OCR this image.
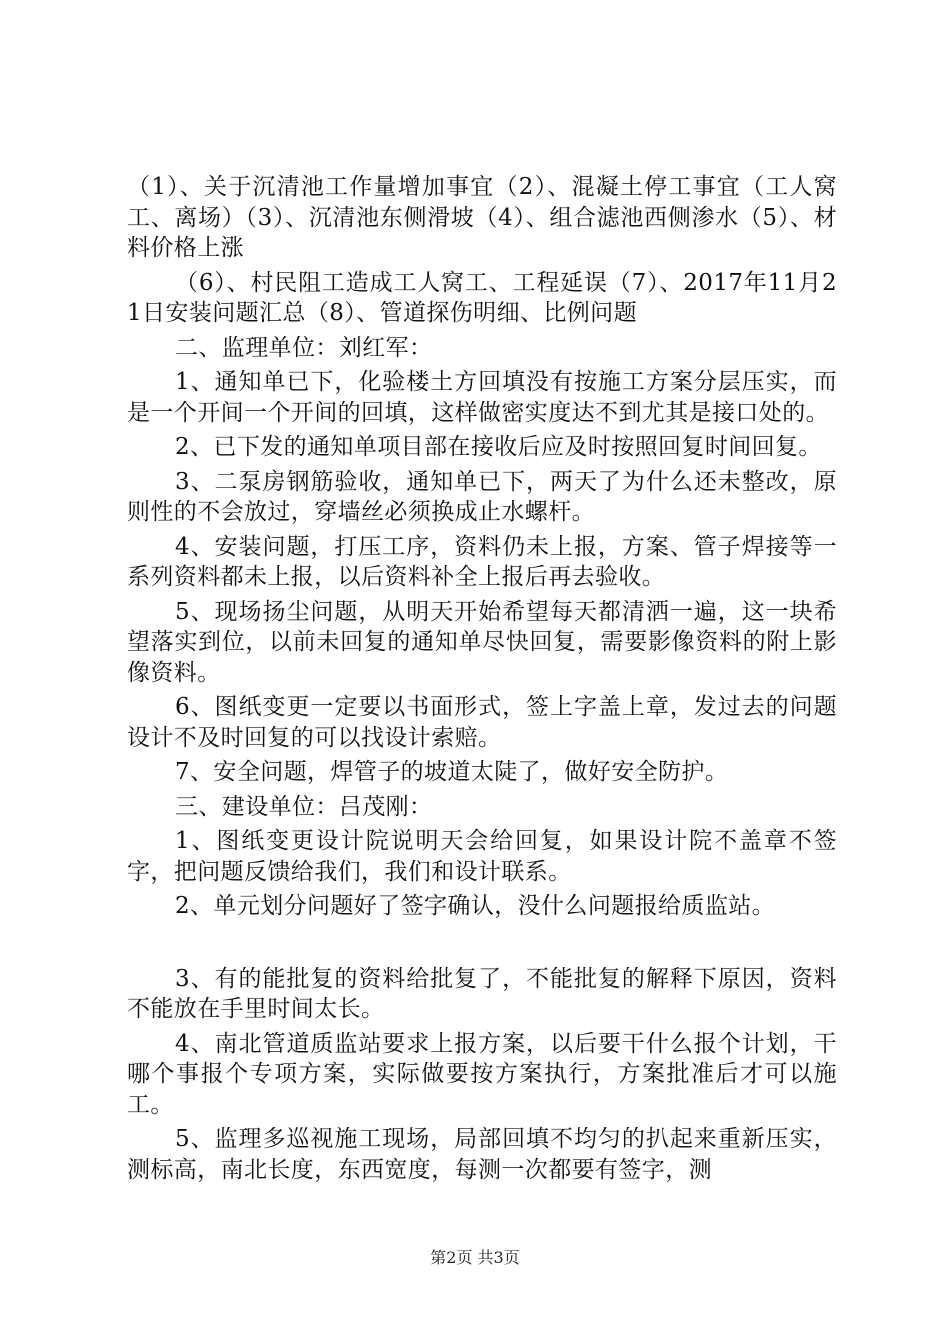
（1）、关于沉清池工作量增加事宜（2）、混凝土停工事宜（工人窝工、离场）（3）、沉清池东侧滑坡（4）、组合滤池西侧渗水（5）、材料价格上涨

（6）、村民阻工造成工人窝工、工程延误（7）、2017年11月21日安装问题汇总（8）、管道探伤明细、比例问题

二、监理单位：刘红军：

1、通知单已下，化验楼土方回填没有按施工方案分层压实，而是一个开间一个开间的回填，这样做密实度达不到尤其是接口处的。

2、已下发的通知单项目部在接收后应及时按照回复时间回复。

3、二泵房钢筋验收，通知单已下，两天了为什么还未整改，原则性的不会放过，穿墙丝必须换成止水螺杆。

4、安装问题，打压工序，资料仍未上报，方案、管子焊接等一系列资料都未上报，以后资料补全上报后再去验收。

5、现场扬尘问题，从明天开始希望每天都清洒一遍，这一块希望落实到位，以前未回复的通知单尽快回复，需要影像资料的附上影像资料。

6、图纸变更一定要以书面形式，签上字盖上章，发过去的问题设计不及时回复的可以找设计索赔。

7、安全问题，焊管子的坡道太陡了，做好安全防护。

三、建设单位：吕茂刚：

1、图纸变更设计院说明天会给回复，如果设计院不盖章不签字，把问题反馈给我们，我们和设计联系。

2、单元划分问题好了签字确认，没什么问题报给质监站。

3、有的能批复的资料给批复了，不能批复的解释下原因，资料不能放在手里时间太长。

4、南北管道质监站要求上报方案，以后要干什么报个计划，干哪个事报个专项方案，实际做要按方案执行，方案批准后才可以施工。

5、监理多巡视施工现场，局部回填不均匀的扒起来重新压实，测标高，南北长度，东西宽度，每测一次都要有签字，测

第2页 共3页
